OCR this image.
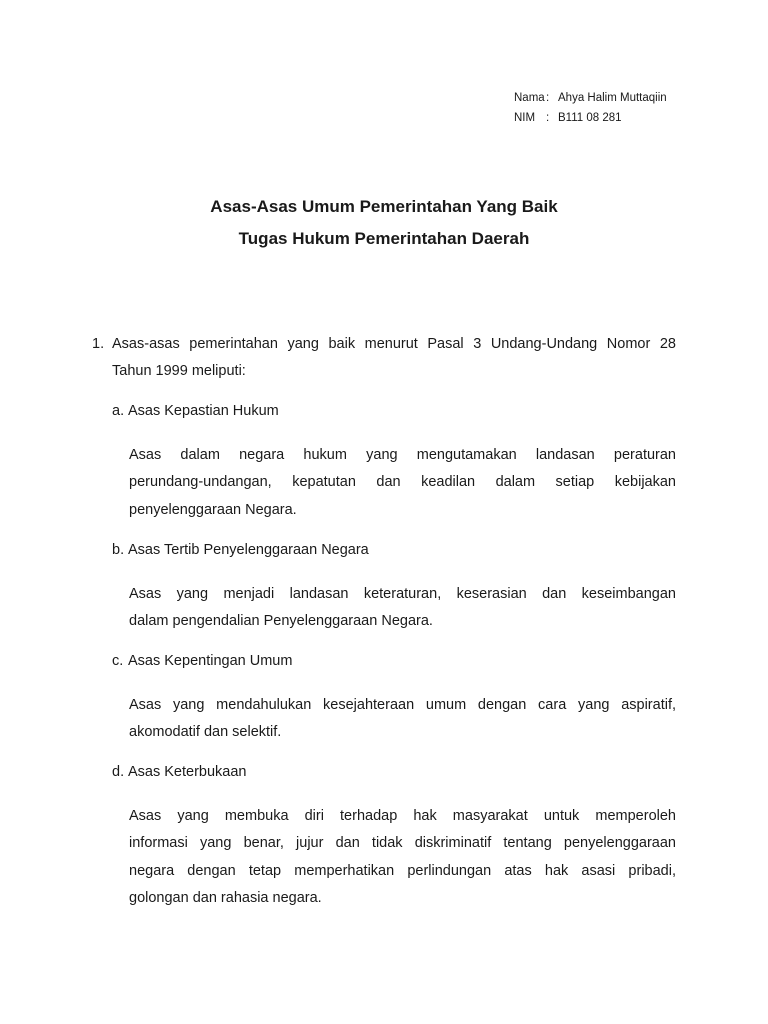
Nama: Ahya Halim Muttaqiin
NIM : B111 08 281
Asas-Asas Umum Pemerintahan Yang Baik
Tugas Hukum Pemerintahan Daerah
1. Asas-asas pemerintahan yang baik menurut Pasal 3 Undang-Undang Nomor 28
Tahun 1999 meliputi:
a. Asas Kepastian Hukum
Asas dalam negara hukum yang mengutamakan landasan peraturan
perundang-undangan, kepatutan dan keadilan dalam setiap kebijakan
penyelenggaraan Negara.
b. Asas Tertib Penyelenggaraan Negara
Asas yang menjadi landasan keteraturan, keserasian dan keseimbangan
dalam pengendalian Penyelenggaraan Negara.
c. Asas Kepentingan Umum
Asas yang mendahulukan kesejahteraan umum dengan cara yang aspiratif,
akomodatif dan selektif.
d. Asas Keterbukaan
Asas yang membuka diri terhadap hak masyarakat untuk memperoleh
informasi yang benar, jujur dan tidak diskriminatif tentang penyelenggaraan
negara dengan tetap memperhatikan perlindungan atas hak asasi pribadi,
golongan dan rahasia negara.
